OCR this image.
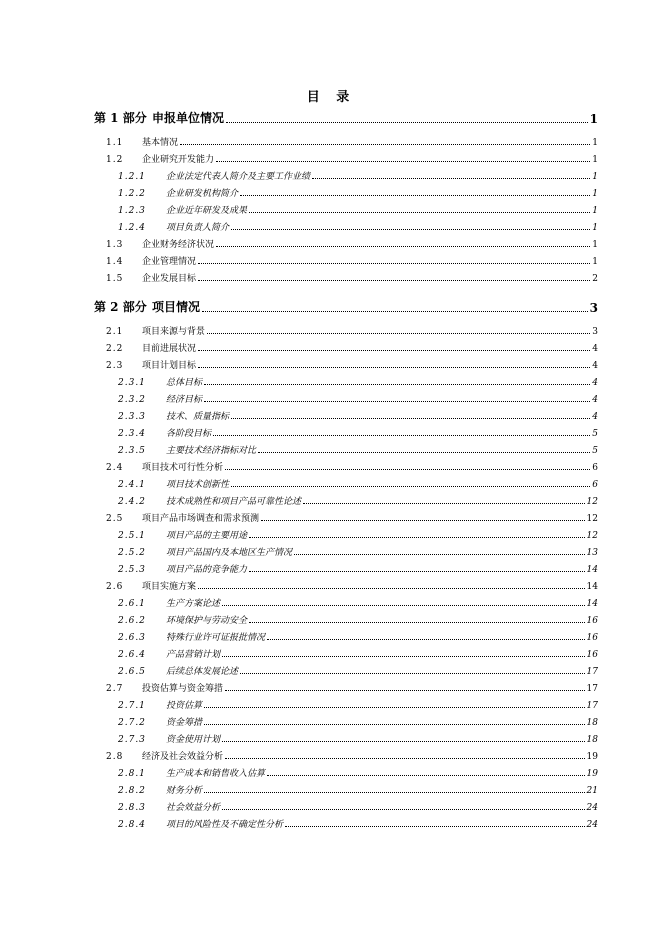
目 录
第 1 部分 申报单位情况	1
1.1	基本情况	1
1.2	企业研究开发能力	1
1.2.1	企业法定代表人简介及主要工作业绩	1
1.2.2	企业研发机构简介	1
1.2.3	企业近年研发及成果	1
1.2.4	项目负责人简介	1
1.3	企业财务经济状况	1
1.4	企业管理情况	1
1.5	企业发展目标	2
第 2 部分 项目情况	3
2.1	项目来源与背景	3
2.2	目前进展状况	4
2.3	项目计划目标	4
2.3.1	总体目标	4
2.3.2	经济目标	4
2.3.3	技术、质量指标	4
2.3.4	各阶段目标	5
2.3.5	主要技术经济指标对比	5
2.4	项目技术可行性分析	6
2.4.1	项目技术创新性	6
2.4.2	技术成熟性和项目产品可靠性论述	12
2.5	项目产品市场调查和需求预测	12
2.5.1	项目产品的主要用途	12
2.5.2	项目产品国内及本地区生产情况	13
2.5.3	项目产品的竞争能力	14
2.6	项目实施方案	14
2.6.1	生产方案论述	14
2.6.2	环境保护与劳动安全	16
2.6.3	特殊行业许可证报批情况	16
2.6.4	产品营销计划	16
2.6.5	后续总体发展论述	17
2.7	投资估算与资金筹措	17
2.7.1	投资估算	17
2.7.2	资金筹措	18
2.7.3	资金使用计划	18
2.8	经济及社会效益分析	19
2.8.1	生产成本和销售收入估算	19
2.8.2	财务分析	21
2.8.3	社会效益分析	24
2.8.4	项目的风险性及不确定性分析	24
